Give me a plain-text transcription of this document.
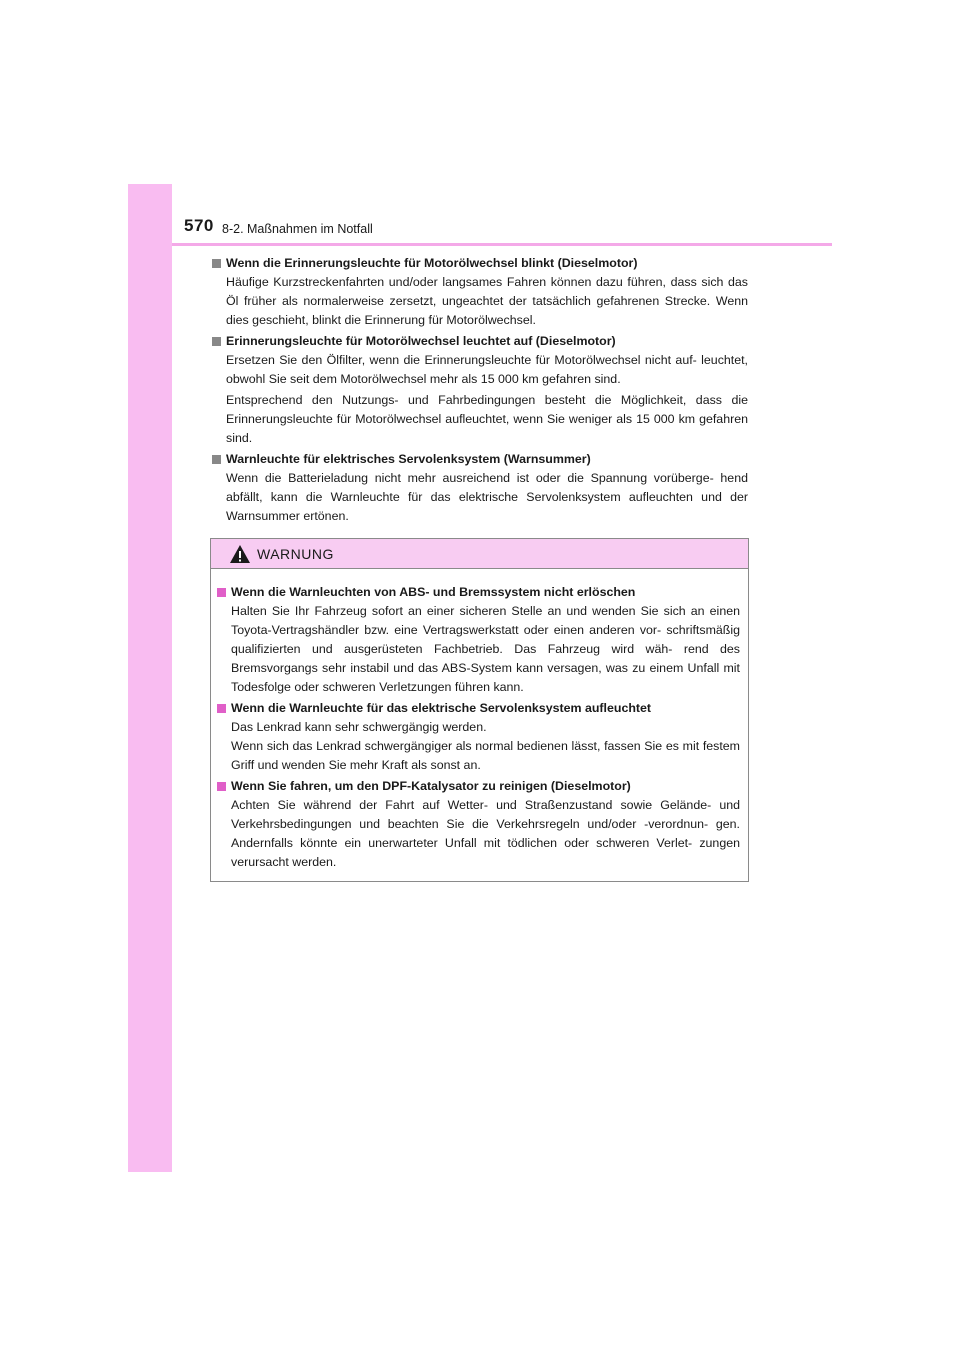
570 8-2. Maßnahmen im Notfall
Wenn die Erinnerungsleuchte für Motorölwechsel blinkt (Dieselmotor)
Häufige Kurzstreckenfahrten und/oder langsames Fahren können dazu führen, dass sich das Öl früher als normalerweise zersetzt, ungeachtet der tatsächlich gefahrenen Strecke. Wenn dies geschieht, blinkt die Erinnerung für Motorölwechsel.
Erinnerungsleuchte für Motorölwechsel leuchtet auf (Dieselmotor)
Ersetzen Sie den Ölfilter, wenn die Erinnerungsleuchte für Motorölwechsel nicht auf- leuchtet, obwohl Sie seit dem Motorölwechsel mehr als 15 000 km gefahren sind.
Entsprechend den Nutzungs- und Fahrbedingungen besteht die Möglichkeit, dass die Erinnerungsleuchte für Motorölwechsel aufleuchtet, wenn Sie weniger als 15 000 km gefahren sind.
Warnleuchte für elektrisches Servolenksystem (Warnsummer)
Wenn die Batterieladung nicht mehr ausreichend ist oder die Spannung vorüberge- hend abfällt, kann die Warnleuchte für das elektrische Servolenksystem aufleuchten und der Warnsummer ertönen.
WARNUNG
Wenn die Warnleuchten von ABS- und Bremssystem nicht erlöschen
Halten Sie Ihr Fahrzeug sofort an einer sicheren Stelle an und wenden Sie sich an einen Toyota-Vertragshändler bzw. eine Vertragswerkstatt oder einen anderen vor- schriftsmäßig qualifizierten und ausgerüsteten Fachbetrieb. Das Fahrzeug wird wäh- rend des Bremsvorgangs sehr instabil und das ABS-System kann versagen, was zu einem Unfall mit Todesfolge oder schweren Verletzungen führen kann.
Wenn die Warnleuchte für das elektrische Servolenksystem aufleuchtet
Das Lenkrad kann sehr schwergängig werden.
Wenn sich das Lenkrad schwergängiger als normal bedienen lässt, fassen Sie es mit festem Griff und wenden Sie mehr Kraft als sonst an.
Wenn Sie fahren, um den DPF-Katalysator zu reinigen (Dieselmotor)
Achten Sie während der Fahrt auf Wetter- und Straßenzustand sowie Gelände- und Verkehrsbedingungen und beachten Sie die Verkehrsregeln und/oder -verordnun- gen. Andernfalls könnte ein unerwarteter Unfall mit tödlichen oder schweren Verlet- zungen verursacht werden.
